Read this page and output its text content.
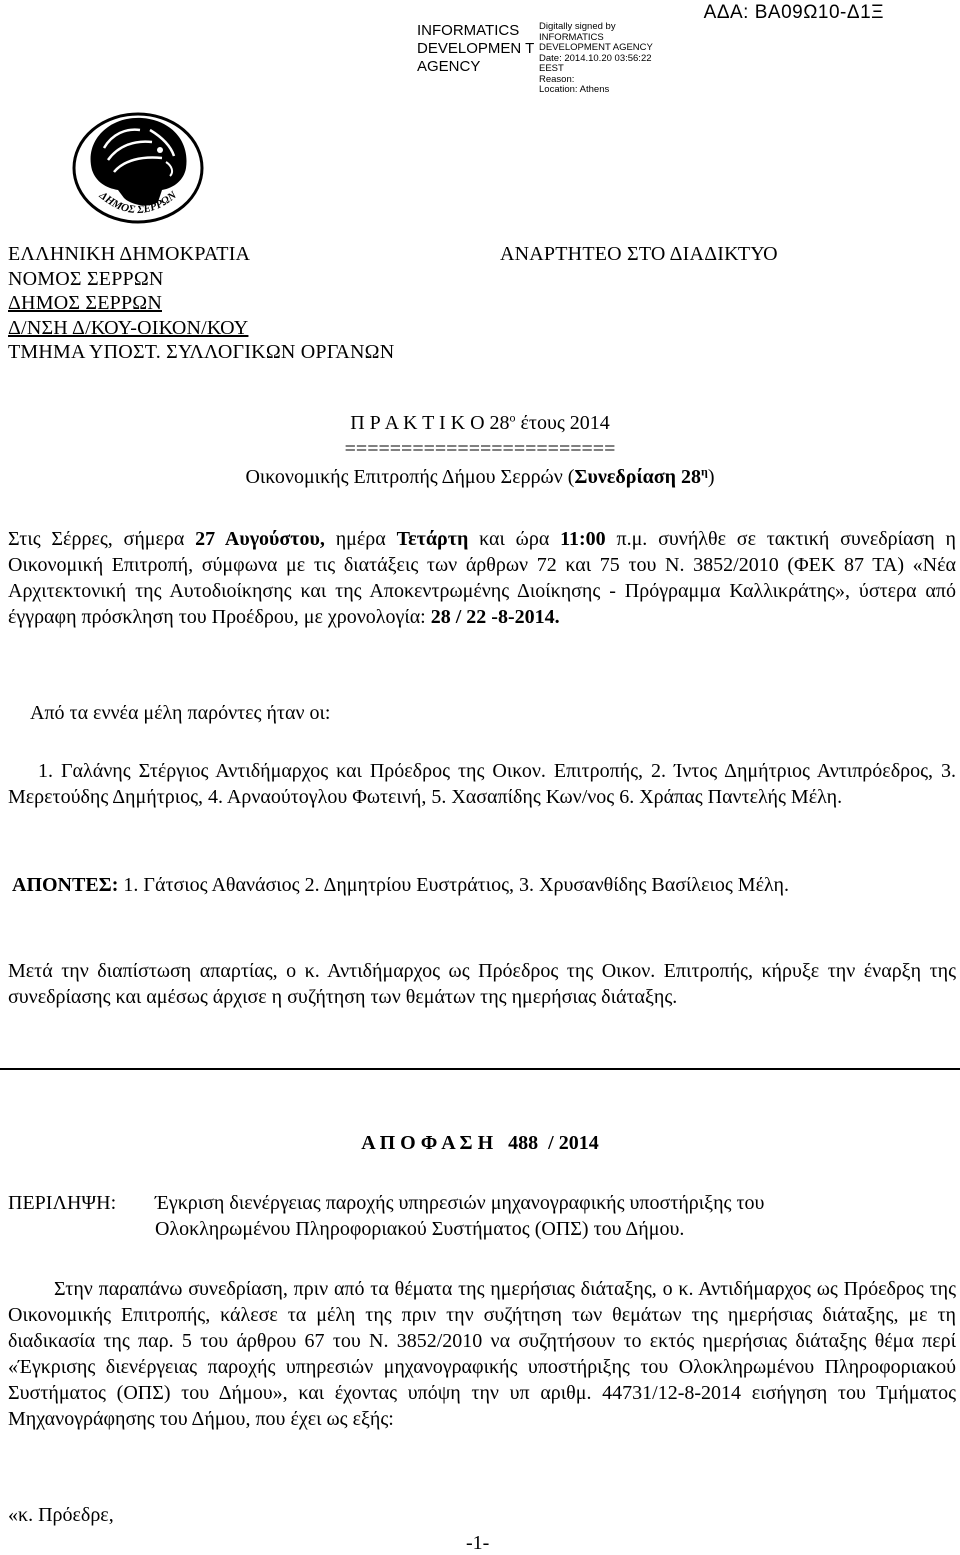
INFORMATICS DEVELOPMEN T AGENCY
Digitally signed by
INFORMATICS
DEVELOPMENT AGENCY
Date: 2014.10.20 03:56:22
EEST
Reason:
Location: Athens
ΑΔΑ: ΒΑ09Ω10-Δ1Ξ
ΔΗΜΟΣ ΣΕΡΡΩΝ
ΕΛΛΗΝΙΚΗ ΔΗΜΟΚΡΑΤΙΑ
ΝΟΜΟΣ ΣΕΡΡΩΝ
ΔΗΜΟΣ ΣΕΡΡΩΝ
Δ/ΝΣΗ Δ/ΚΟΥ-ΟΙΚΟΝ/ΚΟΥ
ΤΜΗΜΑ ΥΠΟΣΤ. ΣΥΛΛΟΓΙΚΩΝ ΟΡΓΑΝΩΝ
ΑΝΑΡΤΗΤΕΟ ΣΤΟ ΔΙΑΔΙΚΤΥΟ
Π Ρ Α Κ Τ Ι Κ Ο $28^o$ έτους 2014
========================
Οικονομικής Επιτροπής Δήμου Σερρών (Συνεδρίαση $28^\eta$)
Στις Σέρρες, σήμερα 27 Αυγούστου, ημέρα Τετάρτη και ώρα 11:00 π.μ. συνήλθε σε τακτική συνεδρίαση η Οικονομική Επιτροπή, σύμφωνα με τις διατάξεις των άρθρων 72 και 75 του Ν. 3852/2010 (ΦΕΚ 87 ΤΑ) «Νέα Αρχιτεκτονική της Αυτοδιοίκησης και της Αποκεντρωμένης Διοίκησης - Πρόγραμμα Καλλικράτης», ύστερα από έγγραφη πρόσκληση του Προέδρου, με χρονολογία: 28 / 22 -8-2014.
Από τα εννέα μέλη παρόντες ήταν οι:
1. Γαλάνης Στέργιος Αντιδήμαρχος και Πρόεδρος της Οικον. Επιτροπής, 2. Ίντος Δημήτριος Αντιπρόεδρος, 3. Μερετούδης Δημήτριος, 4. Αρναούτογλου Φωτεινή, 5. Χασαπίδης Κων/νος 6. Χράπας Παντελής Μέλη.
ΑΠΟΝΤΕΣ: 1. Γάτσιος Αθανάσιος 2. Δημητρίου Ευστράτιος, 3. Χρυσανθίδης Βασίλειος Μέλη.
Μετά την διαπίστωση απαρτίας, ο κ. Αντιδήμαρχος ως Πρόεδρος της Οικον. Επιτροπής, κήρυξε την έναρξη της συνεδρίασης και αμέσως άρχισε η συζήτηση των θεμάτων της ημερήσιας διάταξης.
Α Π Ο Φ Α Σ Η   488  / 2014
ΠΕΡΙΛΗΨΗ: Έγκριση διενέργειας παροχής υπηρεσιών μηχανογραφικής υποστήριξης του
Ολοκληρωμένου Πληροφοριακού Συστήματος (ΟΠΣ) του Δήμου.
Στην παραπάνω συνεδρίαση, πριν από τα θέματα της ημερήσιας διάταξης, ο κ. Αντιδήμαρχος ως Πρόεδρος της Οικονομικής Επιτροπής, κάλεσε τα μέλη της πριν την συζήτηση των θεμάτων της ημερήσιας διάταξης, με τη διαδικασία της παρ. 5 του άρθρου 67 του Ν. 3852/2010 να συζητήσουν το εκτός ημερήσιας διάταξης θέμα περί «Έγκρισης διενέργειας παροχής υπηρεσιών μηχανογραφικής υποστήριξης του Ολοκληρωμένου Πληροφοριακού Συστήματος (ΟΠΣ) του Δήμου», και έχοντας υπόψη την υπ αριθμ. 44731/12-8-2014 εισήγηση του Τμήματος Μηχανογράφησης του Δήμου, που έχει ως εξής:
«κ. Πρόεδρε,
-1-
